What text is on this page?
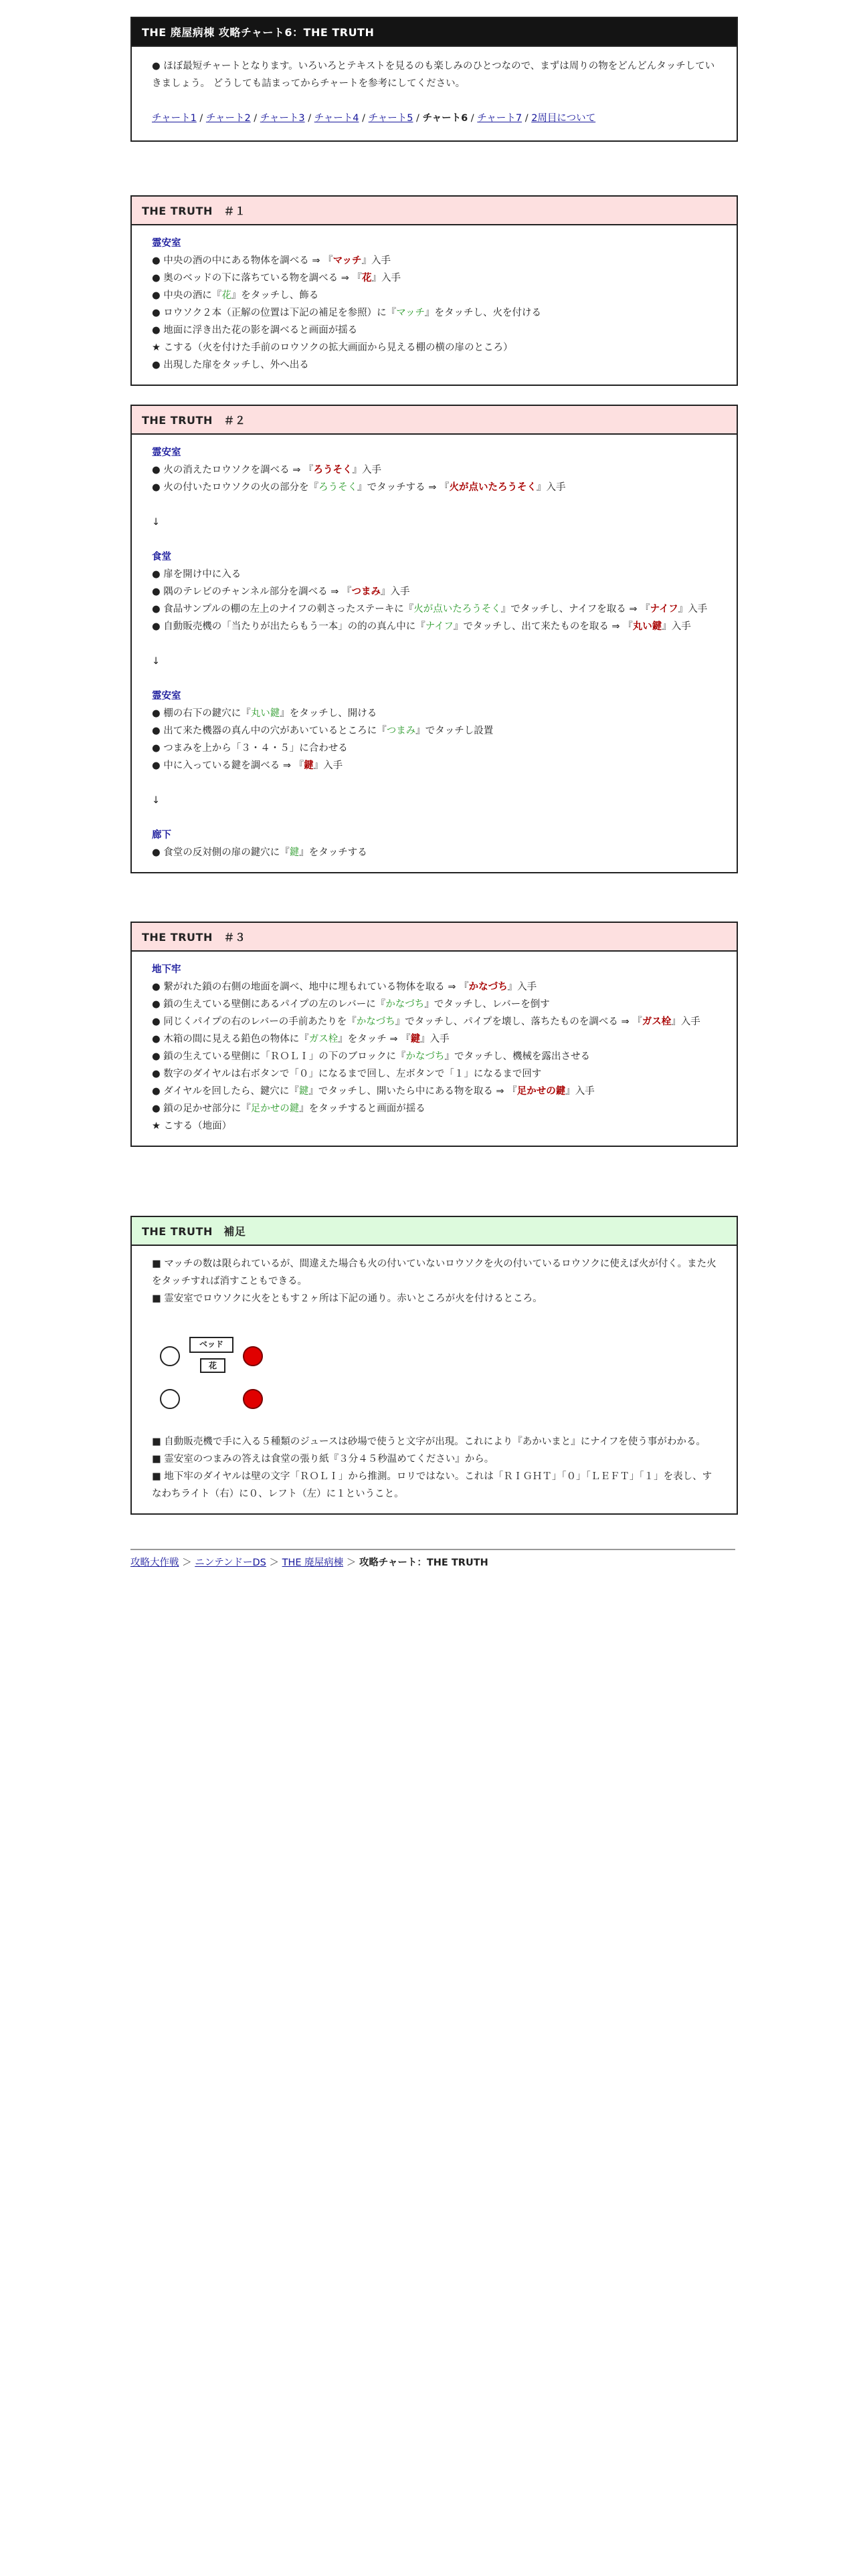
THE 廃屋病棟 攻略チャート6：THE TRUTH
● ほぼ最短チャートとなります。いろいろとテキストを見るのも楽しみのひとつなので、まずは周りの物をどんどんタッチしていきましょう。 どうしても詰まってからチャートを参考にしてください。
チャート1 / チャート2 / チャート3 / チャート4 / チャート5 / チャート6 / チャート7 / 2周目について
THE TRUTH　＃１
霊安室
● 中央の酒の中にある物体を調べる ⇒ 『マッチ』入手
● 奥のベッドの下に落ちている物を調べる ⇒ 『花』入手
● 中央の酒に『花』をタッチし、飾る
● ロウソク２本（正解の位置は下記の補足を参照）に『マッチ』をタッチし、火を付ける
● 地面に浮き出た花の影を調べると画面が揺る
★ こする（火を付けた手前のロウソクの拡大画面から見える棚の横の扉のところ）
● 出現した扉をタッチし、外へ出る
THE TRUTH　＃２
霊安室
● 火の消えたロウソクを調べる ⇒ 『ろうそく』入手
● 火の付いたロウソクの火の部分を『ろうそく』でタッチする ⇒ 『火が点いたろうそく』入手
↓
食堂
● 扉を開け中に入る
● 隅のテレビのチャンネル部分を調べる ⇒ 『つまみ』入手
● 食品サンプルの棚の左上のナイフの刺さったステーキに『火が点いたろうそく』でタッチし、ナイフを取る ⇒ 『ナイフ』入手
● 自動販売機の「当たりが出たらもう一本」の的の真ん中に『ナイフ』でタッチし、出て来たものを取る ⇒ 『丸い鍵』入手
↓
霊安室
● 棚の右下の鍵穴に『丸い鍵』をタッチし、開ける
● 出て来た機器の真ん中の穴があいているところに『つまみ』でタッチし設置
● つまみを上から「３・４・５」に合わせる
● 中に入っている鍵を調べる ⇒ 『鍵』入手
↓
廊下
● 食堂の反対側の扉の鍵穴に『鍵』をタッチする
THE TRUTH　＃３
地下牢
● 繋がれた鎖の右側の地面を調べ、地中に埋もれている物体を取る ⇒ 『かなづち』入手
● 鎖の生えている壁側にあるパイプの左のレバーに『かなづち』でタッチし、レバーを倒す
● 同じくパイプの右のレバーの手前あたりを『かなづち』でタッチし、パイプを壊し、落ちたものを調べる ⇒ 『ガス栓』入手
● 木箱の間に見える鉛色の物体に『ガス栓』をタッチ ⇒ 『鍵』入手
● 鎖の生えている壁側に「ＲＯＬＩ」の下のブロックに『かなづち』でタッチし、機械を露出させる
● 数字のダイヤルは右ボタンで「０」になるまで回し、左ボタンで「１」になるまで回す
● ダイヤルを回したら、鍵穴に『鍵』でタッチし、開いたら中にある物を取る ⇒ 『足かせの鍵』入手
● 鎖の足かせ部分に『足かせの鍵』をタッチすると画面が揺る
★ こする（地面）
THE TRUTH　補足
■ マッチの数は限られているが、間違えた場合も火の付いていないロウソクを火の付いているロウソクに使えば火が付く。また火をタッチすれば消すこともできる。
■ 霊安室でロウソクに火をともす２ヶ所は下記の通り。赤いところが火を付けるところ。
ベッド
花
■ 自動販売機で手に入る５種類のジュースは砂場で使うと文字が出現。これにより『あかいまと』にナイフを使う事がわかる。
■ 霊安室のつまみの答えは食堂の張り紙『３分４５秒温めてください』から。
■ 地下牢のダイヤルは壁の文字「ＲＯＬＩ」から推測。ロリではない。これは「ＲＩＧＨＴ」「０」「ＬＥＦＴ」「１」を表し、すなわちライト（右）に０、レフト（左）に１ということ。
攻略大作戦 ＞ ニンテンドーDS ＞ THE 廃屋病棟 ＞ 攻略チャート：THE TRUTH
